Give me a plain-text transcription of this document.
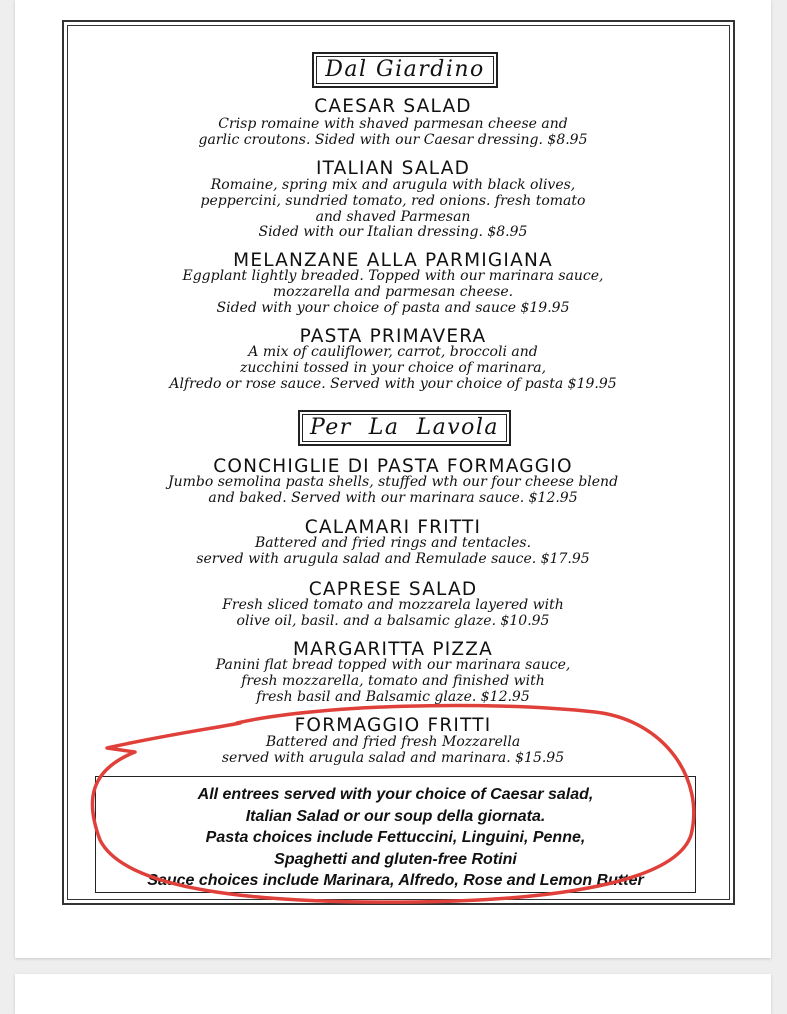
Dal Giardino
CAESAR SALAD
Crisp romaine with shaved parmesan cheese and
garlic croutons. Sided with our Caesar dressing. $8.95
ITALIAN SALAD
Romaine, spring mix and arugula with black olives,
peppercini, sundried tomato, red onions. fresh tomato
and shaved Parmesan
Sided with our Italian dressing. $8.95
MELANZANE ALLA PARMIGIANA
Eggplant lightly breaded. Topped with our marinara sauce,
mozzarella and parmesan cheese.
Sided with your choice of pasta and sauce $19.95
PASTA PRIMAVERA
A mix of cauliflower, carrot, broccoli and
zucchini tossed in your choice of marinara,
Alfredo or rose sauce. Served with your choice of pasta $19.95
Per  La  Lavola
CONCHIGLIE DI PASTA FORMAGGIO
Jumbo semolina pasta shells, stuffed wth our four cheese blend
and baked. Served with our marinara sauce. $12.95
CALAMARI FRITTI
Battered and fried rings and tentacles.
served with arugula salad and Remulade sauce. $17.95
CAPRESE SALAD
Fresh sliced tomato and mozzarela layered with
olive oil, basil. and a balsamic glaze. $10.95
MARGARITTA PIZZA
Panini flat bread topped with our marinara sauce,
fresh mozzarella, tomato and finished with
fresh basil and Balsamic glaze. $12.95
FORMAGGIO FRITTI
Battered and fried fresh Mozzarella
served with arugula salad and marinara. $15.95
All entrees served with your choice of Caesar salad,
Italian Salad or our soup della giornata.
Pasta choices include Fettuccini, Linguini, Penne,
Spaghetti and gluten-free Rotini
Sauce choices include Marinara, Alfredo, Rose and Lemon Butter
